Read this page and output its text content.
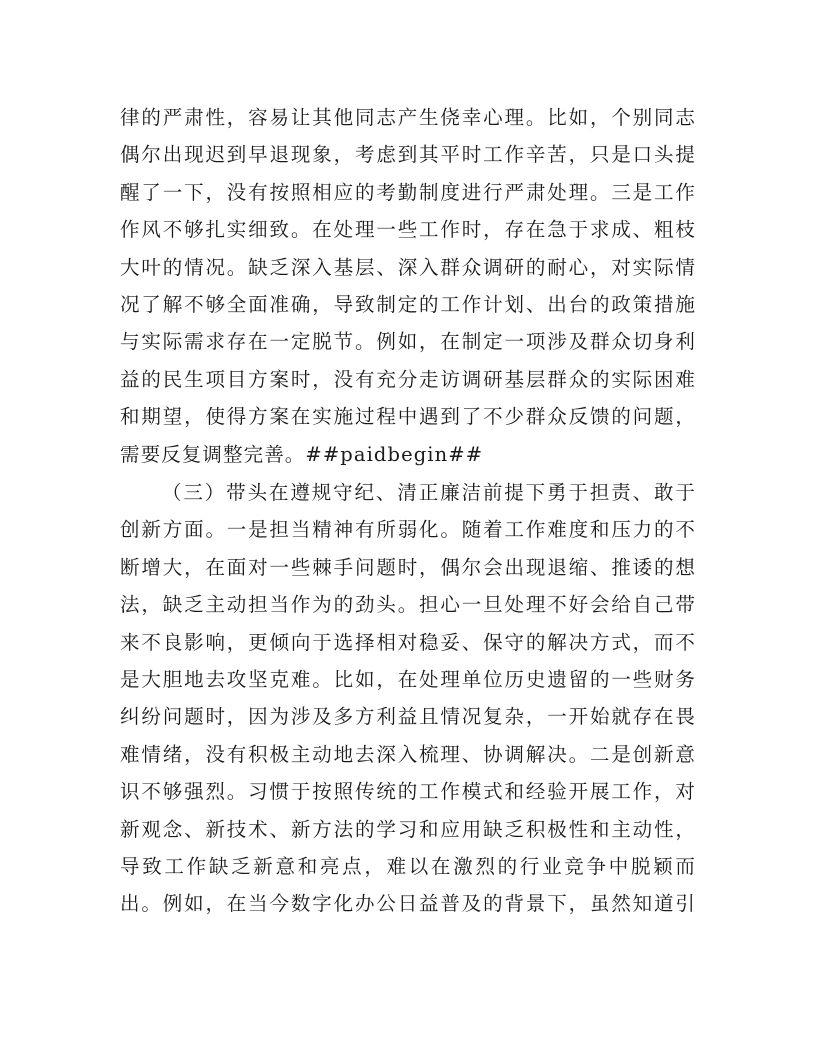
律的严肃性，容易让其他同志产生侥幸心理。比如，个别同志
偶尔出现迟到早退现象，考虑到其平时工作辛苦，只是口头提
醒了一下，没有按照相应的考勤制度进行严肃处理。三是工作
作风不够扎实细致。在处理一些工作时，存在急于求成、粗枝
大叶的情况。缺乏深入基层、深入群众调研的耐心，对实际情
况了解不够全面准确，导致制定的工作计划、出台的政策措施
与实际需求存在一定脱节。例如，在制定一项涉及群众切身利
益的民生项目方案时，没有充分走访调研基层群众的实际困难
和期望，使得方案在实施过程中遇到了不少群众反馈的问题，
需要反复调整完善。##paidbegin##
（三）带头在遵规守纪、清正廉洁前提下勇于担责、敢于
创新方面。一是担当精神有所弱化。随着工作难度和压力的不
断增大，在面对一些棘手问题时，偶尔会出现退缩、推诿的想
法，缺乏主动担当作为的劲头。担心一旦处理不好会给自己带
来不良影响，更倾向于选择相对稳妥、保守的解决方式，而不
是大胆地去攻坚克难。比如，在处理单位历史遗留的一些财务
纠纷问题时，因为涉及多方利益且情况复杂，一开始就存在畏
难情绪，没有积极主动地去深入梳理、协调解决。二是创新意
识不够强烈。习惯于按照传统的工作模式和经验开展工作，对
新观念、新技术、新方法的学习和应用缺乏积极性和主动性，
导致工作缺乏新意和亮点，难以在激烈的行业竞争中脱颖而
出。例如，在当今数字化办公日益普及的背景下，虽然知道引
